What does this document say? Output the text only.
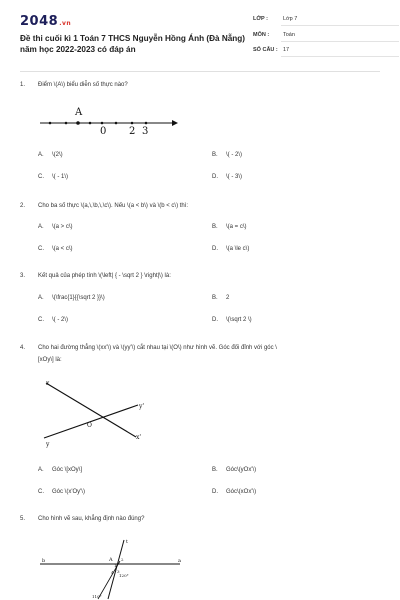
2048.vn
Đề thi cuối kì 1 Toán 7 THCS Nguyễn Hồng Ánh (Đà Nẵng)
năm học 2022-2023 có đáp án
LỚP :	Lớp 7
MÔN :	Toán
SỐ CÂU : 17
1. Điểm \(A\) biểu diễn số thực nào?
A
0 2 3
A. \(2\)	B. \( - 2\)
C. \( - 1\)	D. \( - 3\)
2. Cho ba số thực \(a,\,\b,\,\c\). Nếu \(a < b\) và \(b < c\) thì:
A. \(a > c\)	B. \(a = c\)
C. \(a < c\)	D. \(a \le c\)
3. Kết quả của phép tính \(\left| { - \sqrt 2 } \right|\) là:
A. \(\frac{1}{{\sqrt 2 }}\)	B. 2
C. \( - 2\)	D. \(\sqrt 2 \)
4. Cho hai đường thẳng \(xx'\) và \(yy'\) cắt nhau tại \(O\) như hình vẽ. Góc đối đỉnh với góc \
[xOy\] là:
x
y'
O
y
x'
A. Góc \[xOy\]	B. Góc\(yOx'\)
C. Góc \(x'Oy'\)	D. Góc\(xOx'\)
5. Cho hình vẽ sau, khẳng định nào đúng?
t
A
1
2
4 3
a
b
120°
110°
